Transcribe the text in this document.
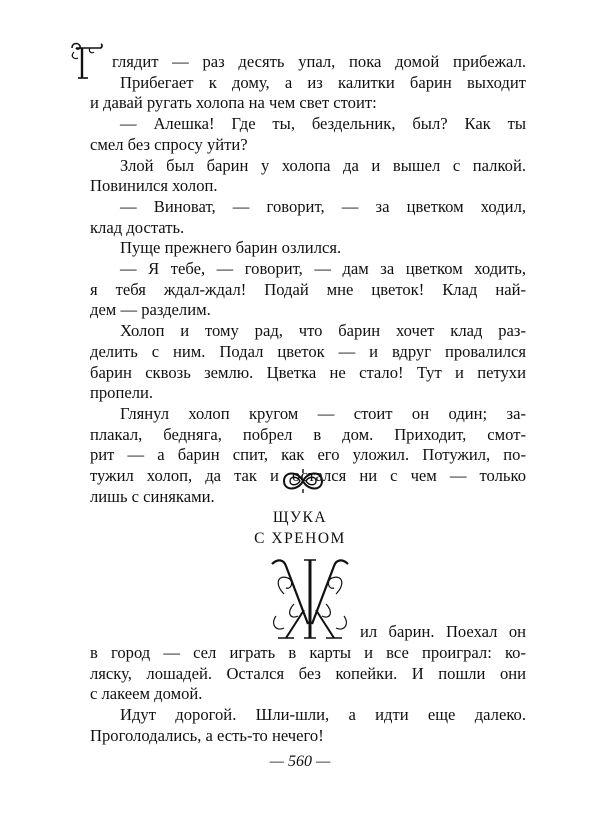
глядит — раз десять упал, пока домой прибежал.
Прибегает к дому, а из калитки барин выходит
и давай ругать холопа на чем свет стоит:
— Алешка! Где ты, бездельник, был? Как ты
смел без спросу уйти?
Злой был барин у холопа да и вышел с палкой.
Повинился холоп.
— Виноват, — говорит, — за цветком ходил,
клад достать.
Пуще прежнего барин озлился.
— Я тебе, — говорит, — дам за цветком ходить,
я тебя ждал-ждал! Подай мне цветок! Клад най-
дем — разделим.
Холоп и тому рад, что барин хочет клад раз-
делить с ним. Подал цветок — и вдруг провалился
барин сквозь землю. Цветка не стало! Тут и петухи
пропели.
Глянул холоп кругом — стоит он один; за-
плакал, бедняга, побрел в дом. Приходит, смот-
рит — а барин спит, как его уложил. Потужил, по-
тужил холоп, да так и остался ни с чем — только
лишь с синяками.
ЩУКА
С ХРЕНОМ
ил барин. Поехал он
в город — сел играть в карты и все проиграл: ко-
ляску, лошадей. Остался без копейки. И пошли они
с лакеем домой.
Идут дорогой. Шли-шли, а идти еще далеко.
Проголодались, а есть-то нечего!
— 560 —
